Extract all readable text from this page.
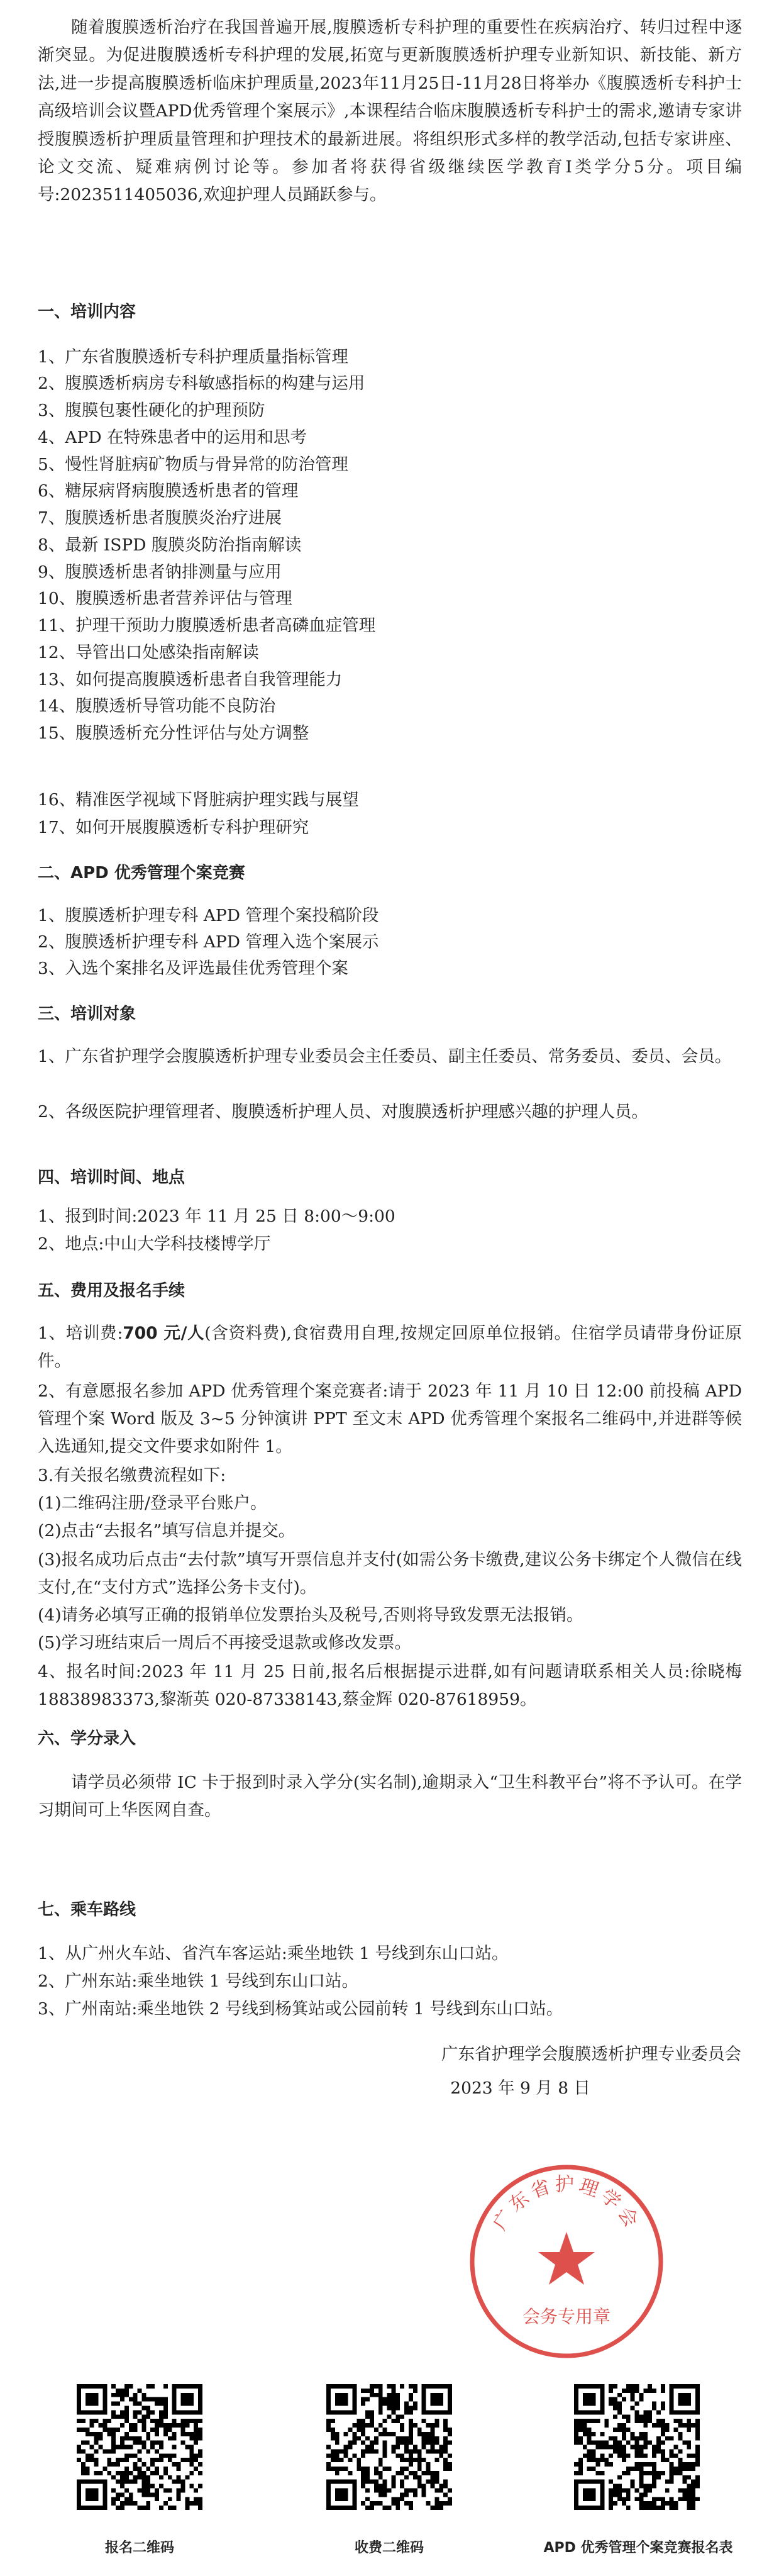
随着腹膜透析治疗在我国普遍开展,腹膜透析专科护理的重要性在疾病治疗、转归过程中逐渐突显。为促进腹膜透析专科护理的发展,拓宽与更新腹膜透析护理专业新知识、新技能、新方法,进一步提高腹膜透析临床护理质量,2023年11月25日-11月28日将举办《腹膜透析专科护士高级培训会议暨APD优秀管理个案展示》,本课程结合临床腹膜透析专科护士的需求,邀请专家讲授腹膜透析护理质量管理和护理技术的最新进展。将组织形式多样的教学活动,包括专家讲座、论文交流、疑难病例讨论等。参加者将获得省级继续医学教育Ⅰ类学分5分。项目编号:2023511405036,欢迎护理人员踊跃参与。

一、培训内容

1、广东省腹膜透析专科护理质量指标管理

2、腹膜透析病房专科敏感指标的构建与运用

3、腹膜包裹性硬化的护理预防

4、APD 在特殊患者中的运用和思考

5、慢性肾脏病矿物质与骨异常的防治管理

6、糖尿病肾病腹膜透析患者的管理

7、腹膜透析患者腹膜炎治疗进展

8、最新 ISPD 腹膜炎防治指南解读

9、腹膜透析患者钠排测量与应用

10、腹膜透析患者营养评估与管理

11、护理干预助力腹膜透析患者高磷血症管理

12、导管出口处感染指南解读

13、如何提高腹膜透析患者自我管理能力

14、腹膜透析导管功能不良防治

15、腹膜透析充分性评估与处方调整

16、精准医学视域下肾脏病护理实践与展望

17、如何开展腹膜透析专科护理研究

二、APD 优秀管理个案竞赛

1、腹膜透析护理专科 APD 管理个案投稿阶段

2、腹膜透析护理专科 APD 管理入选个案展示

3、入选个案排名及评选最佳优秀管理个案

三、培训对象

1、广东省护理学会腹膜透析护理专业委员会主任委员、副主任委员、常务委员、委员、会员。

2、各级医院护理管理者、腹膜透析护理人员、对腹膜透析护理感兴趣的护理人员。

四、培训时间、地点

1、报到时间:2023 年 11 月 25 日 8:00～9:00

2、地点:中山大学科技楼博学厅

五、费用及报名手续

1、培训费:700 元/人(含资料费),食宿费用自理,按规定回原单位报销。住宿学员请带身份证原件。

2、有意愿报名参加 APD 优秀管理个案竞赛者:请于 2023 年 11 月 10 日 12:00 前投稿 APD 管理个案 Word 版及 3~5 分钟演讲 PPT 至文末 APD 优秀管理个案报名二维码中,并进群等候入选通知,提交文件要求如附件 1。

3.有关报名缴费流程如下:

(1)二维码注册/登录平台账户。

(2)点击“去报名”填写信息并提交。

(3)报名成功后点击“去付款”填写开票信息并支付(如需公务卡缴费,建议公务卡绑定个人微信在线支付,在“支付方式”选择公务卡支付)。

(4)请务必填写正确的报销单位发票抬头及税号,否则将导致发票无法报销。

(5)学习班结束后一周后不再接受退款或修改发票。

4、报名时间:2023 年 11 月 25 日前,报名后根据提示进群,如有问题请联系相关人员:徐晓梅 18838983373,黎渐英 020-87338143,蔡金辉 020-87618959。

六、学分录入

请学员必须带 IC 卡于报到时录入学分(实名制),逾期录入“卫生科教平台”将不予认可。在学习期间可上华医网自查。

七、乘车路线

1、从广州火车站、省汽车客运站:乘坐地铁 1 号线到东山口站。

2、广州东站:乘坐地铁 1 号线到东山口站。

3、广州南站:乘坐地铁 2 号线到杨箕站或公园前转 1 号线到东山口站。

广东省护理学会腹膜透析护理专业委员会

2023 年 9 月 8 日

广东省护理学会
会务专用章

报名二维码	收费二维码	APD 优秀管理个案竞赛报名表
